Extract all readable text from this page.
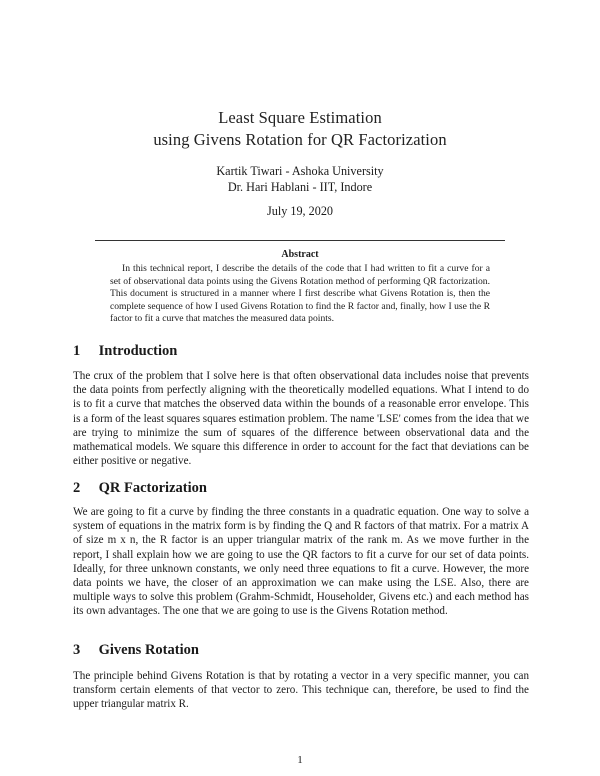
Least Square Estimation
using Givens Rotation for QR Factorization
Kartik Tiwari - Ashoka University
Dr. Hari Hablani - IIT, Indore
July 19, 2020
Abstract
In this technical report, I describe the details of the code that I had written to fit a curve for a set of observational data points using the Givens Rotation method of performing QR factorization. This document is structured in a manner where I first describe what Givens Rotation is, then the complete sequence of how I used Givens Rotation to find the R factor and, finally, how I use the R factor to fit a curve that matches the measured data points.
1 Introduction
The crux of the problem that I solve here is that often observational data includes noise that prevents the data points from perfectly aligning with the theoretically modelled equations. What I intend to do is to fit a curve that matches the observed data within the bounds of a reasonable error envelope. This is a form of the least squares squares estimation problem. The name 'LSE' comes from the idea that we are trying to minimize the sum of squares of the difference between observational data and the mathematical models. We square this difference in order to account for the fact that deviations can be either positive or negative.
2 QR Factorization
We are going to fit a curve by finding the three constants in a quadratic equation. One way to solve a system of equations in the matrix form is by finding the Q and R factors of that matrix. For a matrix A of size m x n, the R factor is an upper triangular matrix of the rank m. As we move further in the report, I shall explain how we are going to use the QR factors to fit a curve for our set of data points. Ideally, for three unknown constants, we only need three equations to fit a curve. However, the more data points we have, the closer of an approximation we can make using the LSE. Also, there are multiple ways to solve this problem (Grahm-Schmidt, Householder, Givens etc.) and each method has its own advantages. The one that we are going to use is the Givens Rotation method.
3 Givens Rotation
The principle behind Givens Rotation is that by rotating a vector in a very specific manner, you can transform certain elements of that vector to zero. This technique can, therefore, be used to find the upper triangular matrix R.
1
